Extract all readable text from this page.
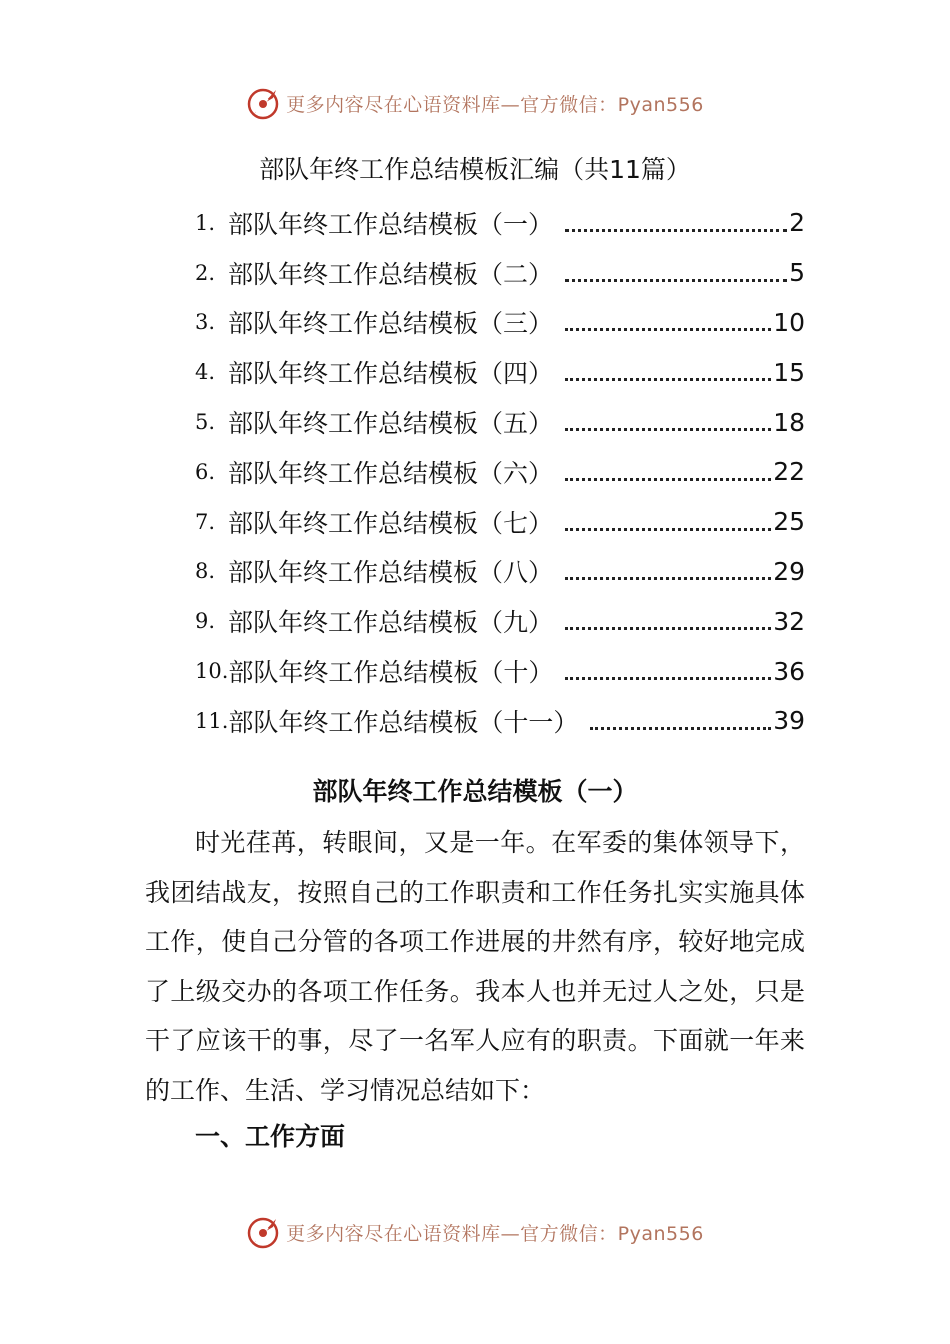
更多内容尽在心语资料库—官方微信：Pyan556
部队年终工作总结模板汇编（共11篇）
1. 部队年终工作总结模板（一）	2
2. 部队年终工作总结模板（二）	5
3. 部队年终工作总结模板（三）	10
4. 部队年终工作总结模板（四）	15
5. 部队年终工作总结模板（五）	18
6. 部队年终工作总结模板（六）	22
7. 部队年终工作总结模板（七）	25
8. 部队年终工作总结模板（八）	29
9. 部队年终工作总结模板（九）	32
10. 部队年终工作总结模板（十）	36
11. 部队年终工作总结模板（十一）	39
部队年终工作总结模板（一）

时光荏苒，转眼间，又是一年。在军委的集体领导下，我团结战友，按照自己的工作职责和工作任务扎实实施具体工作，使自己分管的各项工作进展的井然有序，较好地完成了上级交办的各项工作任务。我本人也并无过人之处，只是干了应该干的事，尽了一名军人应有的职责。下面就一年来的工作、生活、学习情况总结如下：

一、工作方面
更多内容尽在心语资料库—官方微信：Pyan556
